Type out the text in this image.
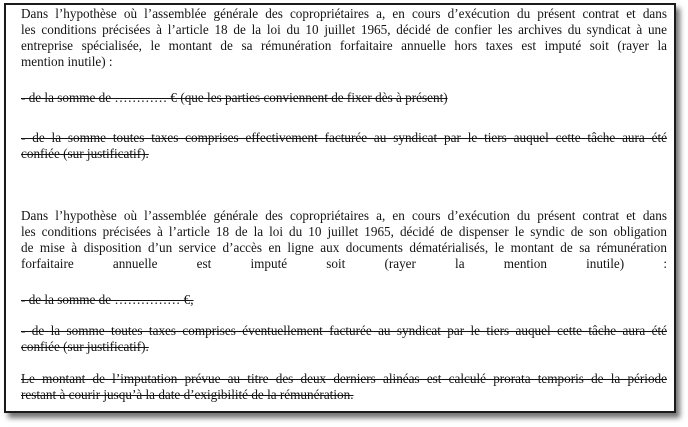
Dans l’hypothèse où l’assemblée générale des copropriétaires a, en cours d’exécution du présent contrat et dans
les conditions précisées à l’article 18 de la loi du 10 juillet 1965, décidé de confier les archives du syndicat à une
entreprise spécialisée, le montant de sa rémunération forfaitaire annuelle hors taxes est imputé soit (rayer la
mention inutile) :
- de la somme de ………… € (que les parties conviennent de fixer dès à présent)
- de la somme toutes taxes comprises effectivement facturée au syndicat par le tiers auquel cette tâche aura été
confiée (sur justificatif).
Dans l’hypothèse où l’assemblée générale des copropriétaires a, en cours d’exécution du présent contrat et dans
les conditions précisées à l’article 18 de la loi du 10 juillet 1965, décidé de dispenser le syndic de son obligation
de mise à disposition d’un service d’accès en ligne aux documents dématérialisés, le montant de sa rémunération
forfaitaire annuelle est imputé soit (rayer la mention inutile) :
- de la somme de …………… €,
- de la somme toutes taxes comprises éventuellement facturée au syndicat par le tiers auquel cette tâche aura été
confiée (sur justificatif).
Le montant de l’imputation prévue au titre des deux derniers alinéas est calculé prorata temporis de la période
restant à courir jusqu’à la date d’exigibilité de la rémunération.
